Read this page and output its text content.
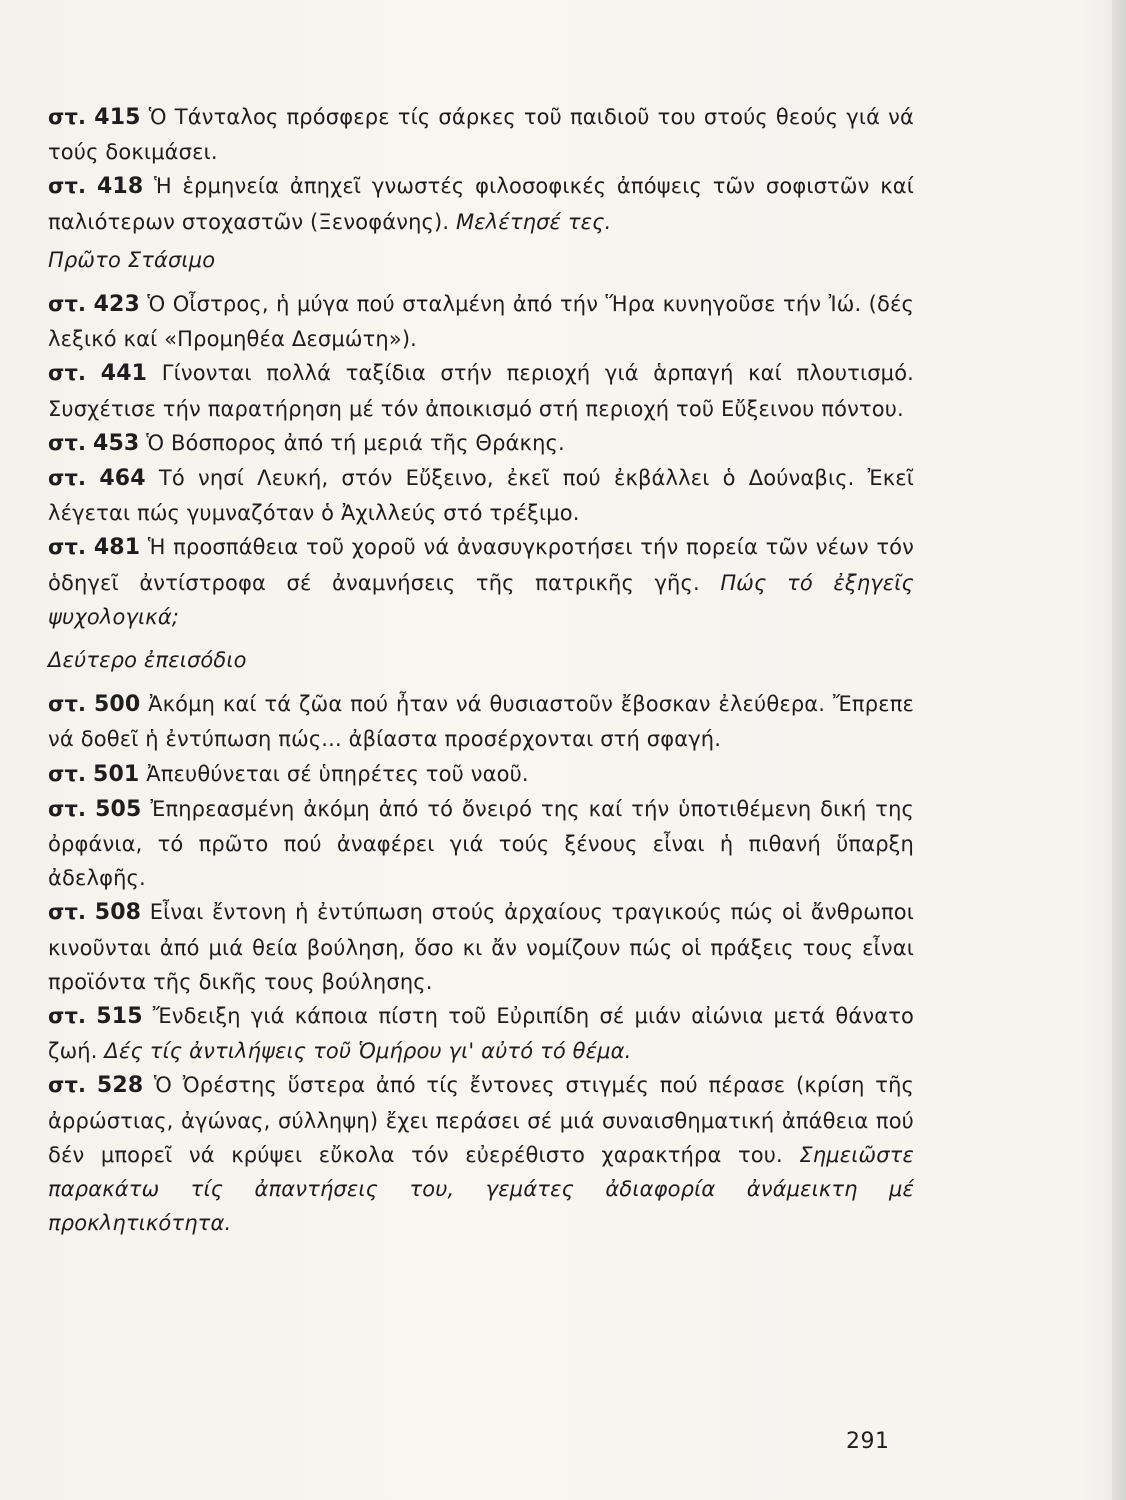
στ. 415 Ὁ Τάνταλος πρόσφερε τίς σάρκες τοῦ παιδιοῦ του στούς θεούς γιά νά τούς δοκιμάσει.

στ. 418 Ἡ ἑρμηνεία ἀπηχεῖ γνωστές φιλοσοφικές ἀπόψεις τῶν σοφιστῶν καί παλιότερων στοχαστῶν (Ξενοφάνης). Μελέτησέ τες.

Πρῶτο Στάσιμο

στ. 423 Ὁ Οἶστρος, ἡ μύγα πού σταλμένη ἀπό τήν Ἥρα κυνηγοῦσε τήν Ἰώ. (δές λεξικό καί «Προμηθέα Δεσμώτη»).

στ. 441 Γίνονται πολλά ταξίδια στήν περιοχή γιά ἁρπαγή καί πλουτισμό. Συσχέτισε τήν παρατήρηση μέ τόν ἀποικισμό στή περιοχή τοῦ Εὔξεινου πόντου.

στ. 453 Ὁ Βόσπορος ἀπό τή μεριά τῆς Θράκης.

στ. 464 Τό νησί Λευκή, στόν Εὔξεινο, ἐκεῖ πού ἐκβάλλει ὁ Δούναβις. Ἐκεῖ λέγεται πώς γυμναζόταν ὁ Ἀχιλλεύς στό τρέξιμο.

στ. 481 Ἡ προσπάθεια τοῦ χοροῦ νά ἀνασυγκροτήσει τήν πορεία τῶν νέων τόν ὁδηγεῖ ἀντίστροφα σέ ἀναμνήσεις τῆς πατρικῆς γῆς. Πώς τό ἐξηγεῖς ψυχολογικά;

Δεύτερο ἐπεισόδιο

στ. 500 Ἀκόμη καί τά ζῶα πού ἦταν νά θυσιαστοῦν ἔβοσκαν ἐλεύθερα. Ἔπρεπε νά δοθεῖ ἡ ἐντύπωση πώς... ἀβίαστα προσέρχονται στή σφαγή.

στ. 501 Ἀπευθύνεται σέ ὑπηρέτες τοῦ ναοῦ.

στ. 505 Ἐπηρεασμένη ἀκόμη ἀπό τό ὄνειρό της καί τήν ὑποτιθέμενη δική της ὀρφάνια, τό πρῶτο πού ἀναφέρει γιά τούς ξένους εἶναι ἡ πιθανή ὕπαρξη ἀδελφῆς.

στ. 508 Εἶναι ἔντονη ἡ ἐντύπωση στούς ἀρχαίους τραγικούς πώς οἱ ἄνθρωποι κινοῦνται ἀπό μιά θεία βούληση, ὅσο κι ἄν νομίζουν πώς οἱ πράξεις τους εἶναι προϊόντα τῆς δικῆς τους βούλησης.

στ. 515 Ἔνδειξη γιά κάποια πίστη τοῦ Εὐριπίδη σέ μιάν αἰώνια μετά θάνατο ζωή. Δές τίς ἀντιλήψεις τοῦ Ὁμήρου γι' αὐτό τό θέμα.

στ. 528 Ὁ Ὀρέστης ὕστερα ἀπό τίς ἔντονες στιγμές πού πέρασε (κρίση τῆς ἀρρώστιας, ἀγώνας, σύλληψη) ἔχει περάσει σέ μιά συναισθηματική ἀπάθεια πού δέν μπορεῖ νά κρύψει εὔκολα τόν εὐερέθιστο χαρακτήρα του. Σημειῶστε παρακάτω τίς ἀπαντήσεις του, γεμάτες ἀδιαφορία ἀνάμεικτη μέ προκλητικότητα.

291
